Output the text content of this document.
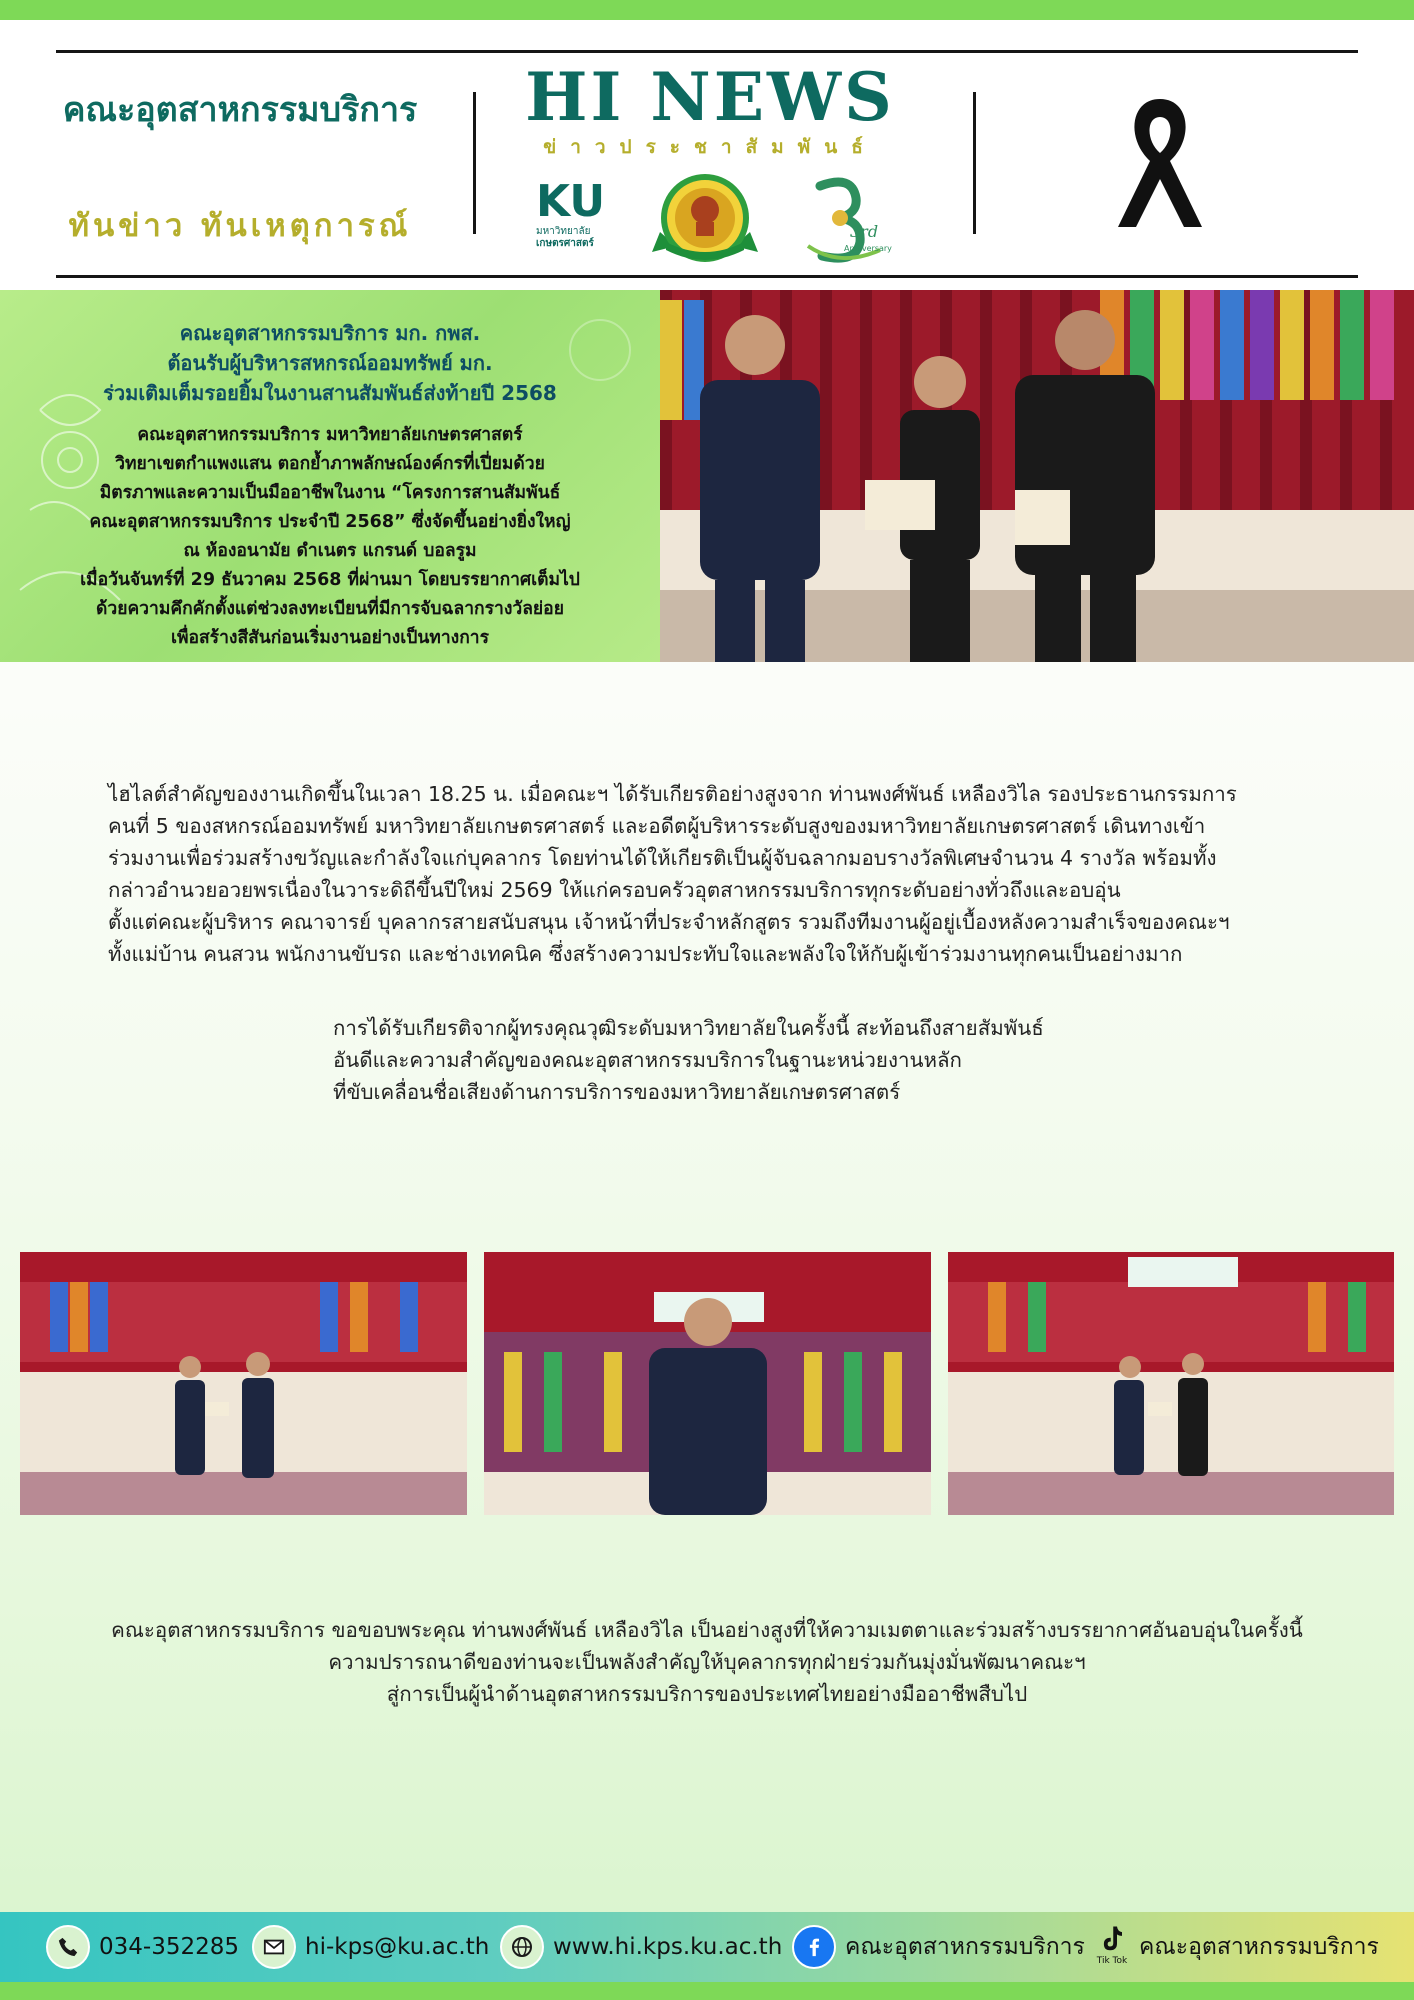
คณะอุตสาหกรรมบริการ
ทันข่าว ทันเหตุการณ์
HI NEWS
ข่าวประชาสัมพันธ์
KU
มหาวิทยาลัย
เกษตรศาสตร์
3rd
Anniversary
คณะอุตสาหกรรมบริการ มก. กพส.
ต้อนรับผู้บริหารสหกรณ์ออมทรัพย์ มก.
ร่วมเติมเต็มรอยยิ้มในงานสานสัมพันธ์ส่งท้ายปี 2568
คณะอุตสาหกรรมบริการ มหาวิทยาลัยเกษตรศาสตร์
วิทยาเขตกำแพงแสน ตอกย้ำภาพลักษณ์องค์กรที่เปี่ยมด้วย
มิตรภาพและความเป็นมืออาชีพในงาน “โครงการสานสัมพันธ์
คณะอุตสาหกรรมบริการ ประจำปี 2568” ซึ่งจัดขึ้นอย่างยิ่งใหญ่
ณ ห้องอนามัย ดำเนตร แกรนด์ บอลรูม
เมื่อวันจันทร์ที่ 29 ธันวาคม 2568 ที่ผ่านมา โดยบรรยากาศเต็มไป
ด้วยความคึกคักตั้งแต่ช่วงลงทะเบียนที่มีการจับฉลากรางวัลย่อย
เพื่อสร้างสีสันก่อนเริ่มงานอย่างเป็นทางการ
ไฮไลต์สำคัญของงานเกิดขึ้นในเวลา 18.25 น. เมื่อคณะฯ ได้รับเกียรติอย่างสูงจาก ท่านพงศ์พันธ์ เหลืองวิไล รองประธานกรรมการ
คนที่ 5 ของสหกรณ์ออมทรัพย์ มหาวิทยาลัยเกษตรศาสตร์ และอดีตผู้บริหารระดับสูงของมหาวิทยาลัยเกษตรศาสตร์ เดินทางเข้า
ร่วมงานเพื่อร่วมสร้างขวัญและกำลังใจแก่บุคลากร โดยท่านได้ให้เกียรติเป็นผู้จับฉลากมอบรางวัลพิเศษจำนวน 4 รางวัล พร้อมทั้ง
กล่าวอำนวยอวยพรเนื่องในวาระดิถีขึ้นปีใหม่ 2569 ให้แก่ครอบครัวอุตสาหกรรมบริการทุกระดับอย่างทั่วถึงและอบอุ่น
ตั้งแต่คณะผู้บริหาร คณาจารย์ บุคลากรสายสนับสนุน เจ้าหน้าที่ประจำหลักสูตร รวมถึงทีมงานผู้อยู่เบื้องหลังความสำเร็จของคณะฯ
ทั้งแม่บ้าน คนสวน พนักงานขับรถ และช่างเทคนิค ซึ่งสร้างความประทับใจและพลังใจให้กับผู้เข้าร่วมงานทุกคนเป็นอย่างมาก
การได้รับเกียรติจากผู้ทรงคุณวุฒิระดับมหาวิทยาลัยในครั้งนี้ สะท้อนถึงสายสัมพันธ์
อันดีและความสำคัญของคณะอุตสาหกรรมบริการในฐานะหน่วยงานหลัก
ที่ขับเคลื่อนชื่อเสียงด้านการบริการของมหาวิทยาลัยเกษตรศาสตร์
คณะอุตสาหกรรมบริการ ขอขอบพระคุณ ท่านพงศ์พันธ์ เหลืองวิไล เป็นอย่างสูงที่ให้ความเมตตาและร่วมสร้างบรรยากาศอันอบอุ่นในครั้งนี้
ความปรารถนาดีของท่านจะเป็นพลังสำคัญให้บุคลากรทุกฝ่ายร่วมกันมุ่งมั่นพัฒนาคณะฯ
สู่การเป็นผู้นำด้านอุตสาหกรรมบริการของประเทศไทยอย่างมืออาชีพสืบไป
034-352285	hi-kps@ku.ac.th	www.hi.kps.ku.ac.th	คณะอุตสาหกรรมบริการ
Tik Tok
คณะอุตสาหกรรมบริการ
